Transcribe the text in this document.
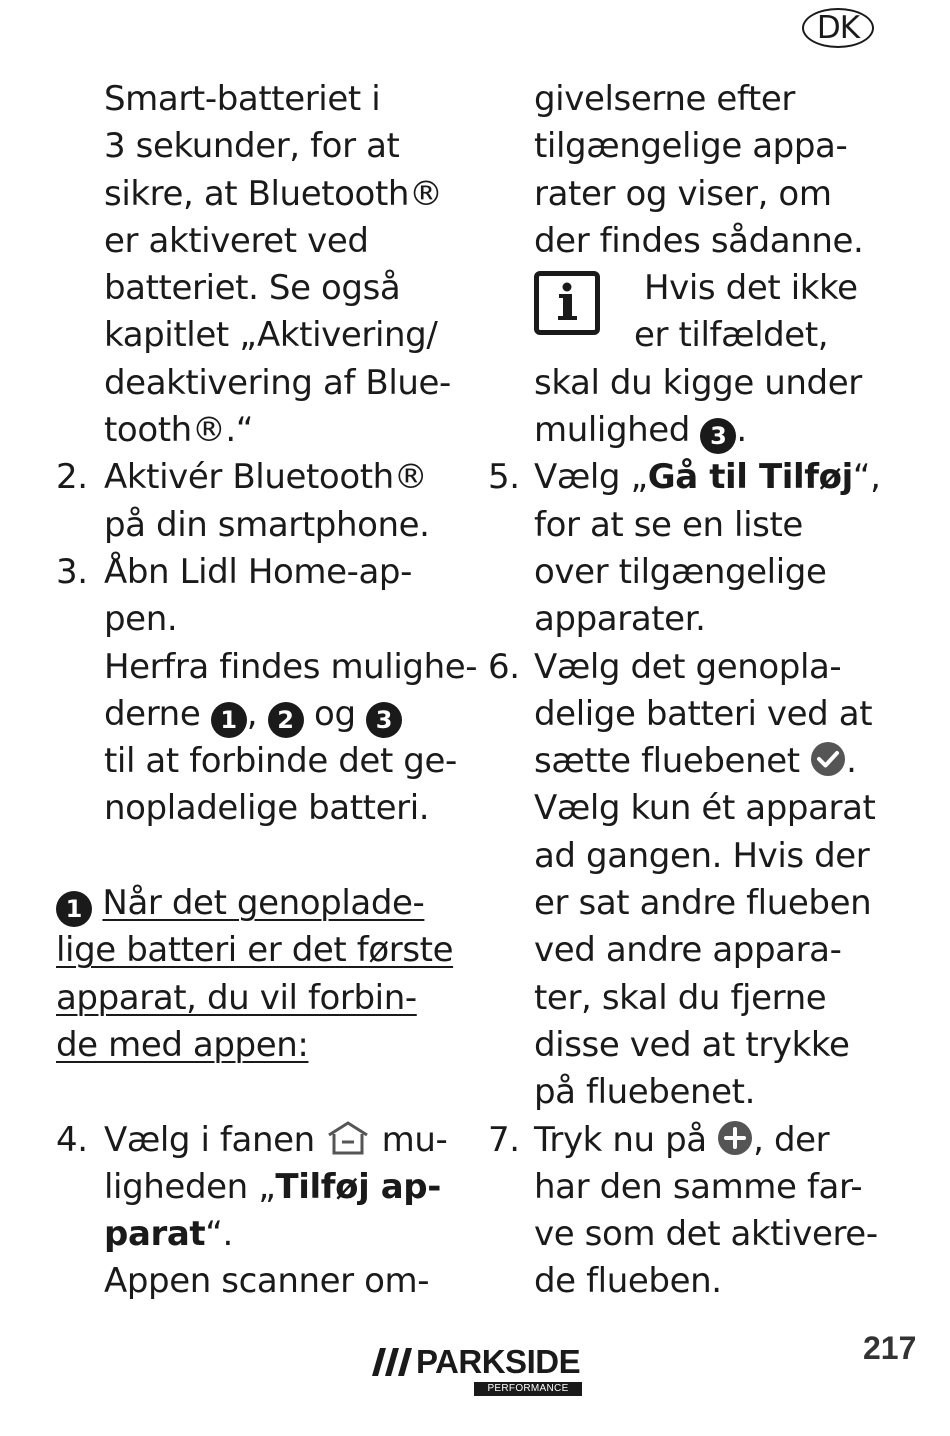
DK
Smart-batteriet i
3 sekunder, for at
sikre, at Bluetooth®
er aktiveret ved
batteriet. Se også
kapitlet „Aktivering/
deaktivering af Blue-
tooth®.“
2. Aktivér Bluetooth®
på din smartphone.
3. Åbn Lidl Home-ap-
pen.
Herfra findes mulighe-
derne 1 , 2 og 3
til at forbinde det ge-
nopladelige batteri.
1 Når det genoplade-
lige batteri er det første
apparat, du vil forbin-
de med appen:
4. Vælg i fanen mu-
ligheden „Tilføj ap-
parat“.
Appen scanner om-
givelserne efter
tilgængelige appa-
rater og viser, om
der findes sådanne.
Hvis det ikke
er tilfældet,
skal du kigge under
mulighed 3 .
5. Vælg „Gå til Tilføj“,
for at se en liste
over tilgængelige
apparater.
6. Vælg det genopla-
delige batteri ved at
sætte fluebenet .
Vælg kun ét apparat
ad gangen. Hvis der
er sat andre flueben
ved andre appara-
ter, skal du fjerne
disse ved at trykke
på fluebenet.
7. Tryk nu på , der
har den samme far-
ve som det aktivere-
de flueben.
PARKSIDE
PERFORMANCE
217
